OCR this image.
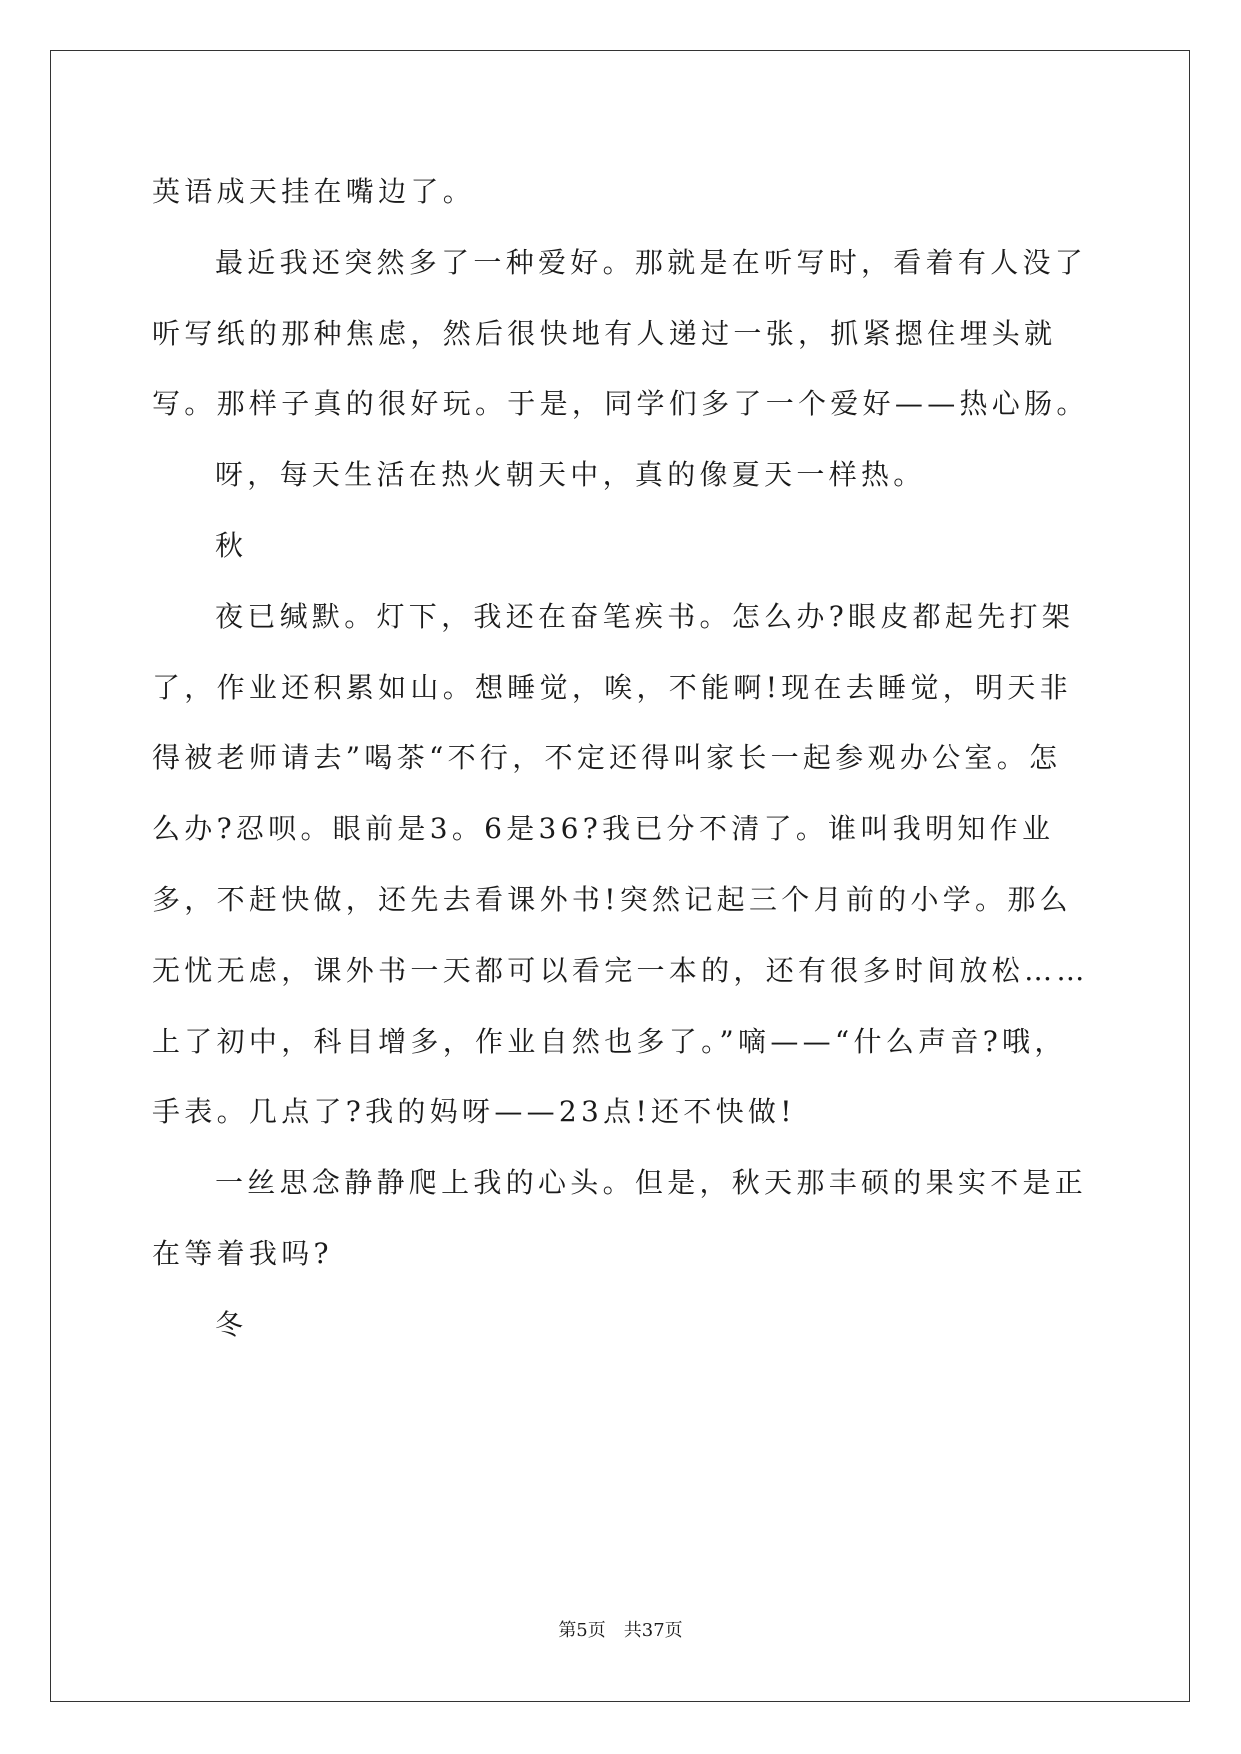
英语成天挂在嘴边了。

最近我还突然多了一种爱好。那就是在听写时，看着有人没了听写纸的那种焦虑，然后很快地有人递过一张，抓紧摁住埋头就写。那样子真的很好玩。于是，同学们多了一个爱好——热心肠。

呀，每天生活在热火朝天中，真的像夏天一样热。

秋

夜已缄默。灯下，我还在奋笔疾书。怎么办?眼皮都起先打架了，作业还积累如山。想睡觉，唉，不能啊!现在去睡觉，明天非得被老师请去”喝茶“不行，不定还得叫家长一起参观办公室。怎么办?忍呗。眼前是3。6是36?我已分不清了。谁叫我明知作业多，不赶快做，还先去看课外书!突然记起三个月前的小学。那么无忧无虑，课外书一天都可以看完一本的，还有很多时间放松……上了初中，科目增多，作业自然也多了。”嘀——“什么声音?哦，手表。几点了?我的妈呀——23点!还不快做!

一丝思念静静爬上我的心头。但是，秋天那丰硕的果实不是正在等着我吗?

冬

第5页 共37页
